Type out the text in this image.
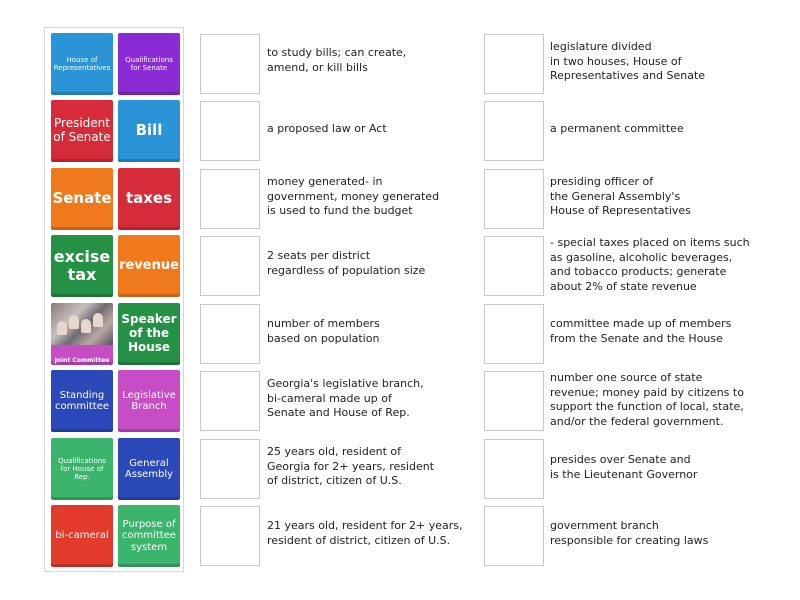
House of Representatives
Qualifications for Senate
President of Senate Bill
Senate taxes
excise tax	revenue
Joint Committee
Speaker of the House
Standing committee
Legislative Branch
Qualifications for House of Rep.
General Assembly
bi-cameral
Purpose of committee system
to study bills; can create,
amend, or kill bills
a proposed law or Act
money generated- in
government, money generated
is used to fund the budget
2 seats per district
regardless of population size
number of members
based on population
Georgia's legislative branch,
bi-cameral made up of
Senate and House of Rep.
25 years old, resident of
Georgia for 2+ years, resident
of district, citizen of U.S.
21 years old, resident for 2+ years,
resident of district, citizen of U.S.
legislature divided
in two houses, House of
Representatives and Senate
a permanent committee
presiding officer of
the General Assembly's
House of Representatives
- special taxes placed on items such
as gasoline, alcoholic beverages,
and tobacco products; generate
about 2% of state revenue
committee made up of members
from the Senate and the House
number one source of state
revenue; money paid by citizens to
support the function of local, state,
and/or the federal government.
presides over Senate and
is the Lieutenant Governor
government branch
responsible for creating laws
